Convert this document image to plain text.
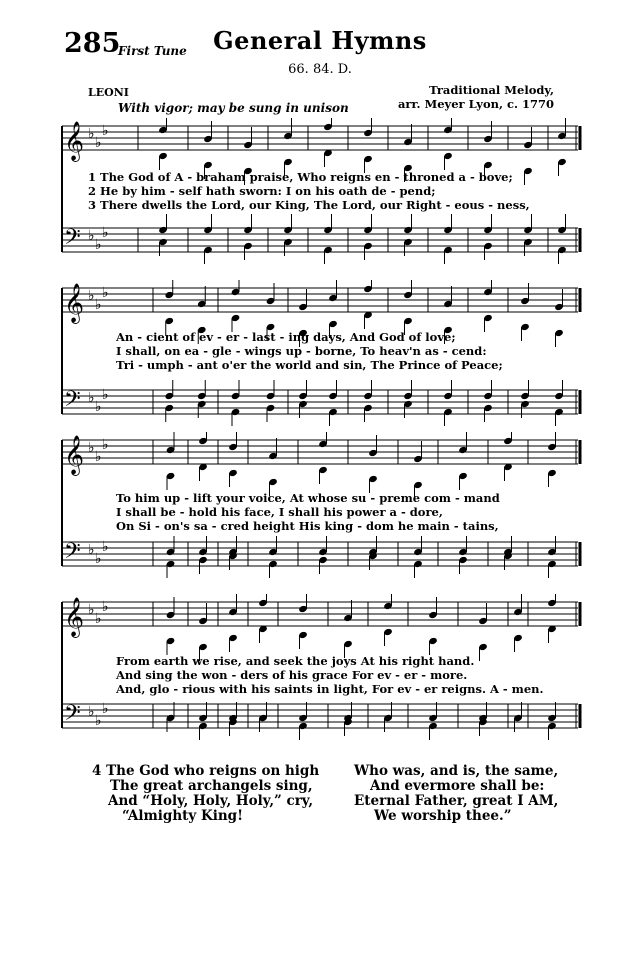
285
First Tune	General Hymns
66. 84. D.
LEONI	Traditional Melody,
arr. Meyer Lyon, c. 1770
With vigor; may be sung in unison
𝄞 ♭
♭
♭
𝄢 ♭
♭
♭
1 The God of A - braham praise, Who reigns en - throned a - bove;
2 He by him - self hath sworn: I on his oath de - pend;
3 There dwells the Lord, our King, The Lord, our Right - eous - ness,
𝄞 ♭
♭
♭
𝄢 ♭
♭
♭
An - cient of ev - er - last - ing days, And God of love;
I shall, on ea - gle - wings up - borne, To heav'n as - cend:
Tri - umph - ant o'er the world and sin, The Prince of Peace;
𝄞 ♭
♭
♭
𝄢 ♭
♭
♭
To him up - lift your voice, At whose su - preme com - mand
I shall be - hold his face, I shall his power a - dore,
On Si - on's sa - cred height His king - dom he main - tains,
𝄞 ♭
♭
♭
𝄢 ♭
♭
♭
From earth we rise, and seek the joys At his right hand.
And sing the won - ders of his grace For ev - er - more.
And, glo - rious with his saints in light, For ev - er reigns. A - men.
4 The God who reigns on high
The great archangels sing,
And “Holy, Holy, Holy,” cry,
“Almighty King!
Who was, and is, the same,
And evermore shall be:
Eternal Father, great I AM,
We worship thee.”
